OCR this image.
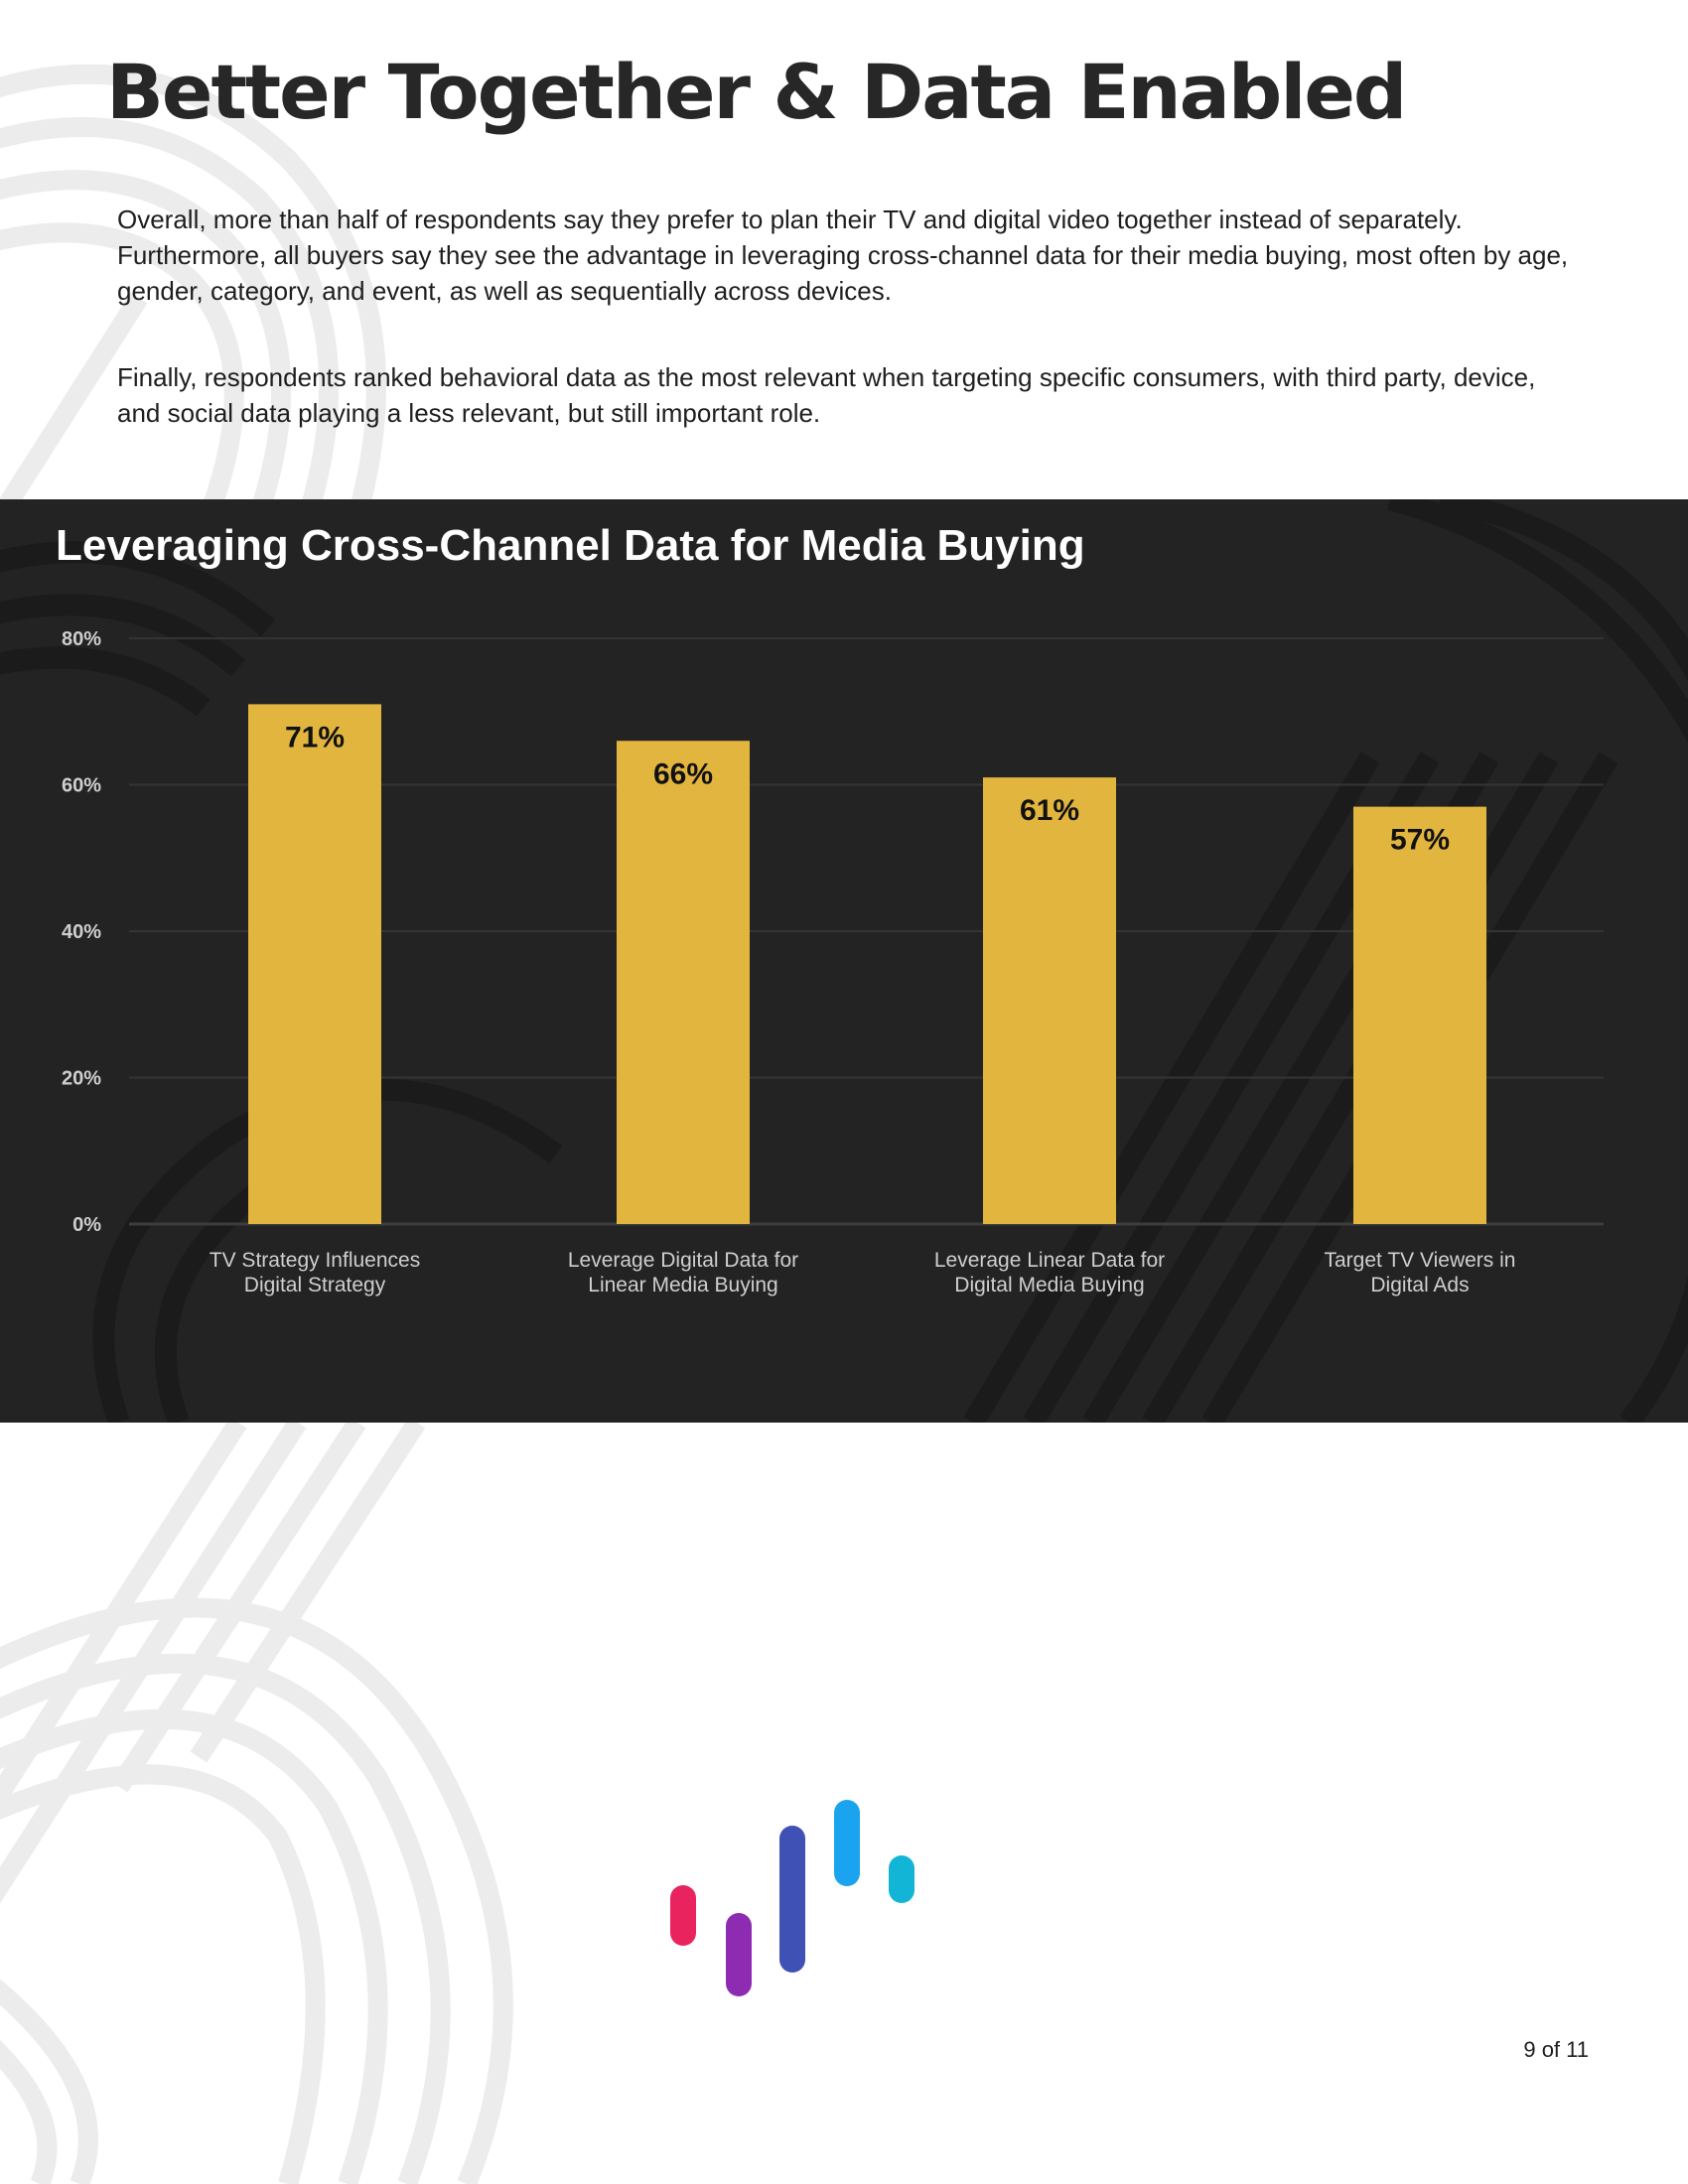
Better Together & Data Enabled

Overall, more than half of respondents say they prefer to plan their TV and digital video together instead of separately. Furthermore, all buyers say they see the advantage in leveraging cross-channel data for their media buying, most often by age, gender, category, and event, as well as sequentially across devices.

Finally, respondents ranked behavioral data as the most relevant when targeting specific consumers, with third party, device, and social data playing a less relevant, but still important role.

Leveraging Cross-Channel Data for Media Buying
0%
20%
40%
60%
80%
71%
TV Strategy Influences
Digital Strategy
66%
Leverage Digital Data for
Linear Media Buying
61%
Leverage Linear Data for
Digital Media Buying
57%
Target TV Viewers in
Digital Ads
9 of 11
